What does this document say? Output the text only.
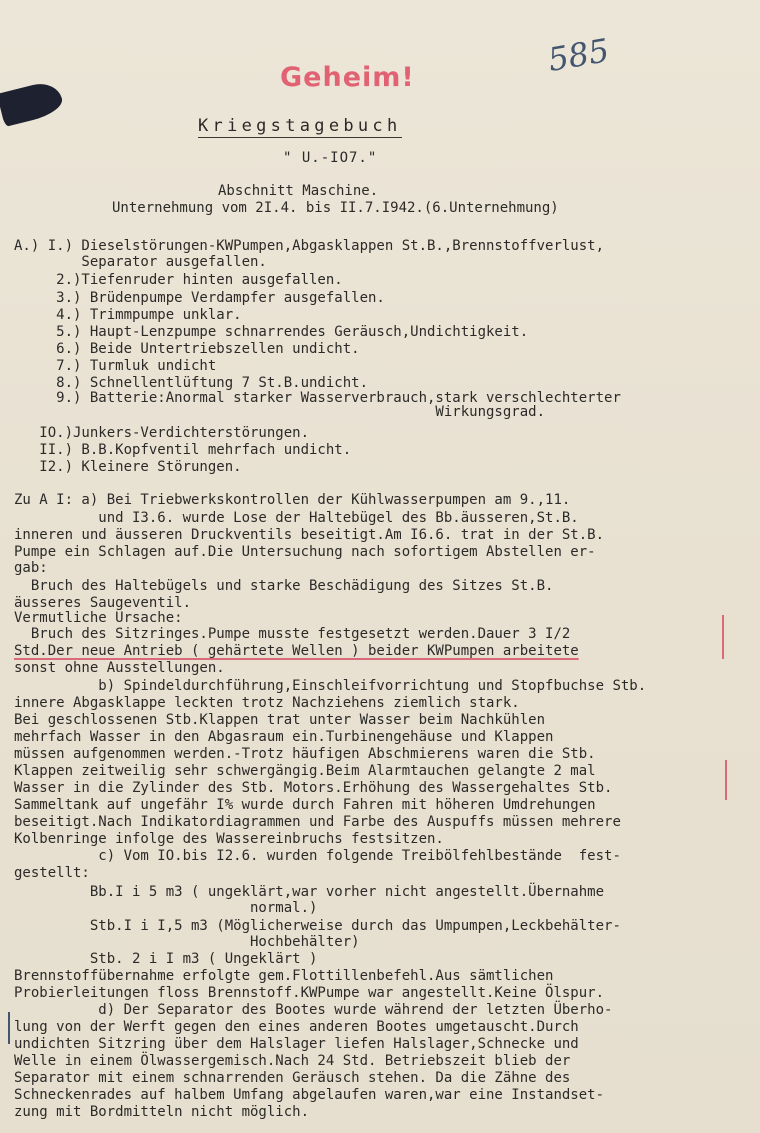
585
Geheim!
Kriegstagebuch
" U.-IO7."
Abschnitt Maschine.
Unternehmung vom 2I.4. bis II.7.I942.(6.Unternehmung)
A.) I.) Dieselstörungen-KWPumpen,Abgasklappen St.B.,Brennstoffverlust,
Separator ausgefallen.
2.)Tiefenruder hinten ausgefallen.
3.) Brüdenpumpe Verdampfer ausgefallen.
4.) Trimmpumpe unklar.
5.) Haupt-Lenzpumpe schnarrendes Geräusch,Undichtigkeit.
6.) Beide Untertriebszellen undicht.
7.) Turmluk undicht
8.) Schnellentlüftung 7 St.B.undicht.
9.) Batterie:Anormal starker Wasserverbrauch,stark verschlechterter
Wirkungsgrad.
IO.)Junkers-Verdichterstörungen.
II.) B.B.Kopfventil mehrfach undicht.
I2.) Kleinere Störungen.
Zu A I: a) Bei Triebwerkskontrollen der Kühlwasserpumpen am 9.,11.
und I3.6. wurde Lose der Haltebügel des Bb.äusseren,St.B.
inneren und äusseren Druckventils beseitigt.Am I6.6. trat in der St.B.
Pumpe ein Schlagen auf.Die Untersuchung nach sofortigem Abstellen er-
gab:
Bruch des Haltebügels und starke Beschädigung des Sitzes St.B.
äusseres Saugeventil.
Vermutliche Ursache:
Bruch des Sitzringes.Pumpe musste festgesetzt werden.Dauer 3 I/2
Std.Der neue Antrieb ( gehärtete Wellen ) beider KWPumpen arbeitete
sonst ohne Ausstellungen.
b) Spindeldurchführung,Einschleifvorrichtung und Stopfbuchse Stb.
innere Abgasklappe leckten trotz Nachziehens ziemlich stark.
Bei geschlossenen Stb.Klappen trat unter Wasser beim Nachkühlen
mehrfach Wasser in den Abgasraum ein.Turbinengehäuse und Klappen
müssen aufgenommen werden.-Trotz häufigen Abschmierens waren die Stb.
Klappen zeitweilig sehr schwergängig.Beim Alarmtauchen gelangte 2 mal
Wasser in die Zylinder des Stb. Motors.Erhöhung des Wassergehaltes Stb.
Sammeltank auf ungefähr I% wurde durch Fahren mit höheren Umdrehungen
beseitigt.Nach Indikatordiagrammen und Farbe des Auspuffs müssen mehrere
Kolbenringe infolge des Wassereinbruchs festsitzen.
c) Vom IO.bis I2.6. wurden folgende Treibölfehlbestände  fest-
gestellt:
Bb.I i 5 m3 ( ungeklärt,war vorher nicht angestellt.Übernahme
normal.)
Stb.I i I,5 m3 (Möglicherweise durch das Umpumpen,Leckbehälter-
Hochbehälter)
Stb. 2 i I m3 ( Ungeklärt )
Brennstoffübernahme erfolgte gem.Flottillenbefehl.Aus sämtlichen
Probierleitungen floss Brennstoff.KWPumpe war angestellt.Keine Ölspur.
d) Der Separator des Bootes wurde während der letzten Überho-
lung von der Werft gegen den eines anderen Bootes umgetauscht.Durch
undichten Sitzring über dem Halslager liefen Halslager,Schnecke und
Welle in einem Ölwassergemisch.Nach 24 Std. Betriebszeit blieb der
Separator mit einem schnarrenden Geräusch stehen. Da die Zähne des
Schneckenrades auf halbem Umfang abgelaufen waren,war eine Instandset-
zung mit Bordmitteln nicht möglich.
